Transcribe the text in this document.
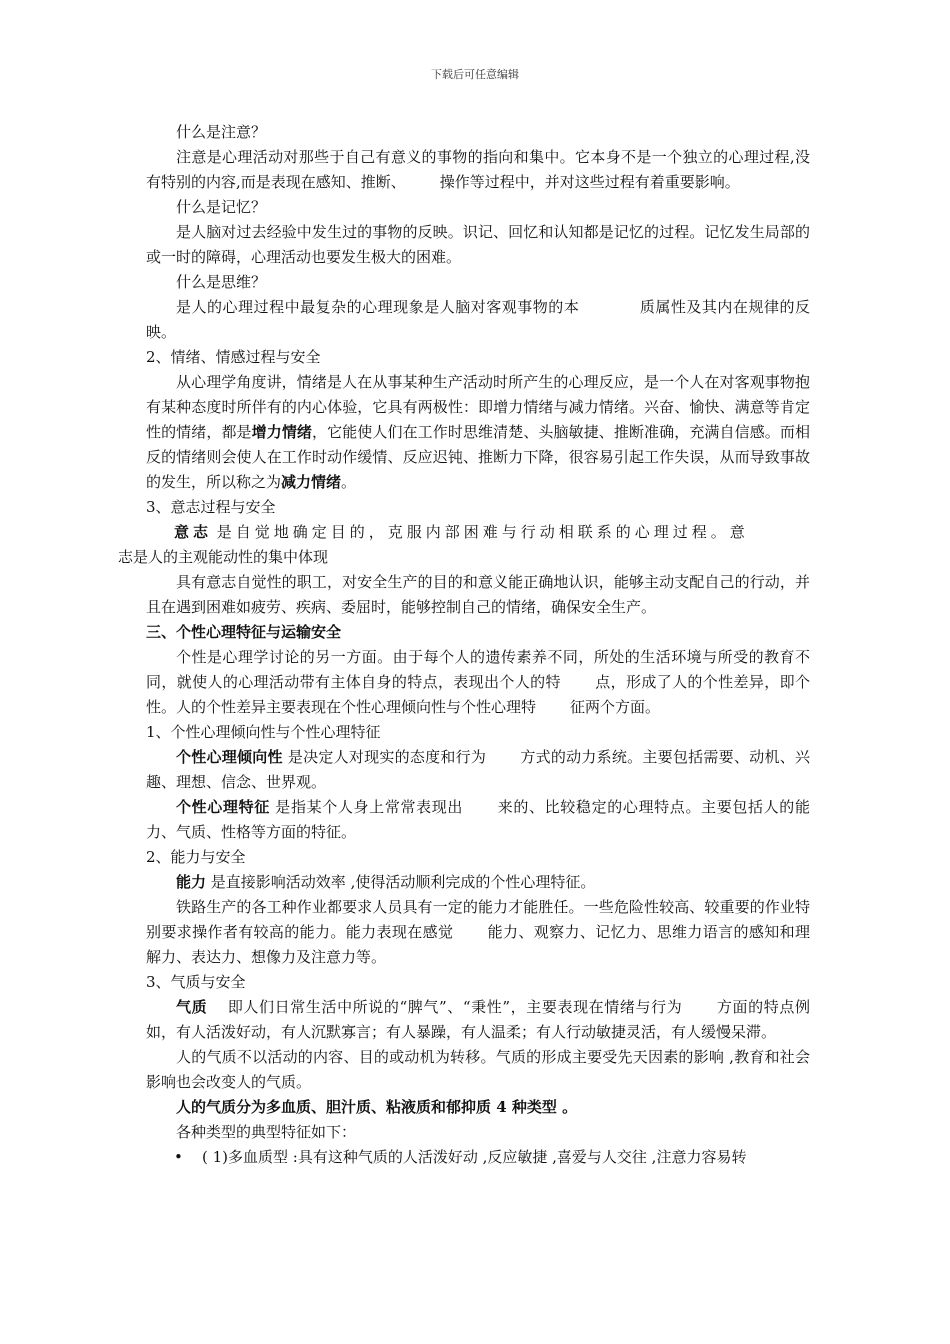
下载后可任意编辑

什么是注意？

注意是心理活动对那些于自己有意义的事物的指向和集中。它本身不是一个独立的心理过程,没有特别的内容,而是表现在感知、推断、 操作等过程中，并对这些过程有着重要影响。

什么是记忆？

是人脑对过去经验中发生过的事物的反映。识记、回忆和认知都是记忆的过程。记忆发生局部的或一时的障碍，心理活动也要发生极大的困难。

什么是思维？

是人的心理过程中最复杂的心理现象是人脑对客观事物的本	质属性及其内在规律的反映。

2、情绪、情感过程与安全

从心理学角度讲，情绪是人在从事某种生产活动时所产生的心理反应，是一个人在对客观事物抱有某种态度时所伴有的内心体验，它具有两极性：即增力情绪与减力情绪。兴奋、愉快、满意等肯定性的情绪，都是增力情绪，它能使人们在工作时思维清楚、头脑敏捷、推断准确，充满自信感。而相反的情绪则会使人在工作时动作缓情、反应迟钝、推断力下降，很容易引起工作失误，从而导致事故的发生，所以称之为减力情绪。

3、意志过程与安全

意志 是自觉地确定目的，克服内部困难与行动相联系的心理过程。意
志是人的主观能动性的集中体现

具有意志自觉性的职工，对安全生产的目的和意义能正确地认识，能够主动支配自己的行动，并且在遇到困难如疲劳、疾病、委屈时，能够控制自己的情绪，确保安全生产。

三、个性心理特征与运输安全

个性是心理学讨论的另一方面。由于每个人的遗传素养不同，所处的生活环境与所受的教育不同，就使人的心理活动带有主体自身的特点，表现出个人的特 点，形成了人的个性差异，即个性。人的个性差异主要表现在个性心理倾向性与个性心理特 征两个方面。

1、个性心理倾向性与个性心理特征

个性心理倾向性 是决定人对现实的态度和行为 方式的动力系统。主要包括需要、动机、兴趣、理想、信念、世界观。

个性心理特征 是指某个人身上常常表现出 来的、比较稳定的心理特点。主要包括人的能力、气质、性格等方面的特征。

2、能力与安全

能力 是直接影响活动效率 ,使得活动顺利完成的个性心理特征。

铁路生产的各工种作业都要求人员具有一定的能力才能胜任。一些危险性较高、较重要的作业特别要求操作者有较高的能力。能力表现在感觉 能力、观察力、记忆力、思维力语言的感知和理解力、表达力、想像力及注意力等。

3、气质与安全

气质 即人们日常生活中所说的“脾气”、“秉性”，主要表现在情绪与行为 方面的特点例如，有人活泼好动，有人沉默寡言；有人暴躁，有人温柔；有人行动敏捷灵活，有人缓慢呆滞。

人的气质不以活动的内容、目的或动机为转移。气质的形成主要受先天因素的影响 ,教育和社会影响也会改变人的气质。

人的气质分为多血质、胆汁质、粘液质和郁抑质 4 种类型 。

各种类型的典型特征如下：

• ( 1)多血质型 :具有这种气质的人活泼好动 ,反应敏捷 ,喜爱与人交往 ,注意力容易转
